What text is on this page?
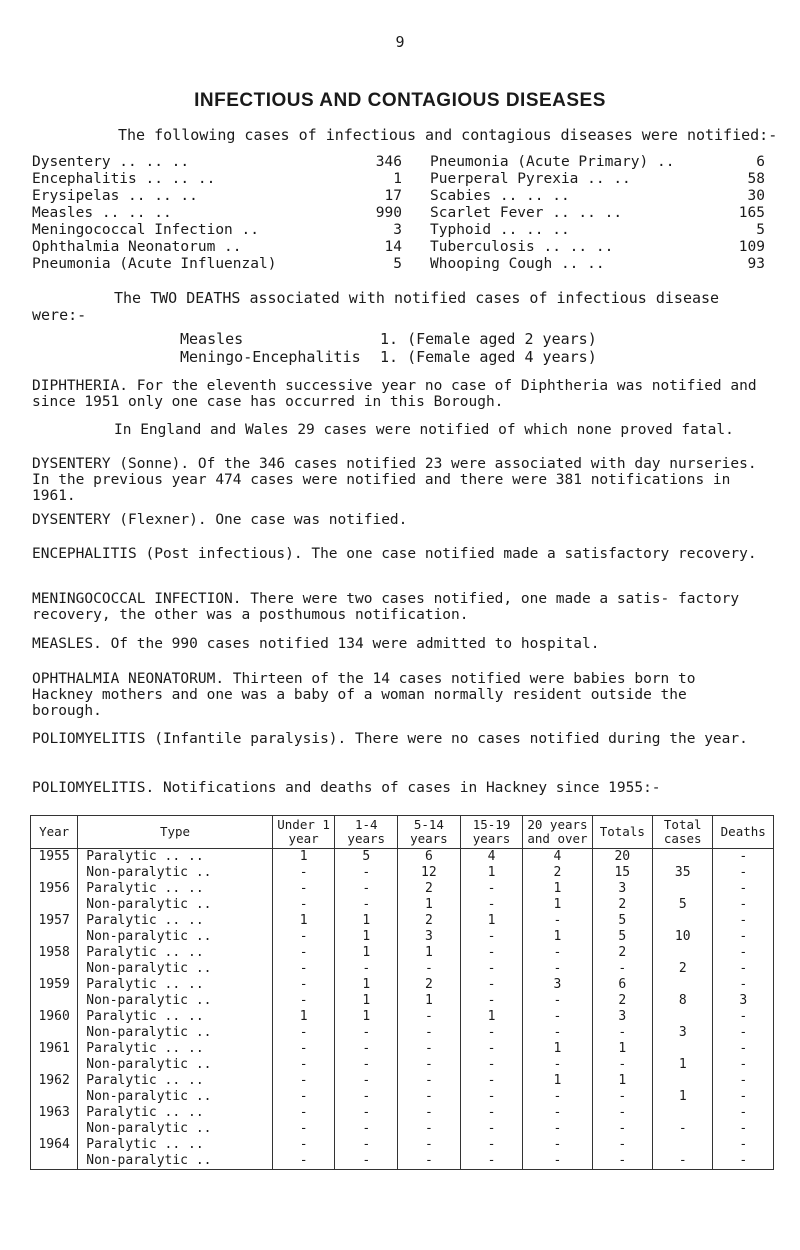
9
INFECTIOUS AND CONTAGIOUS DISEASES
The following cases of infectious and contagious diseases were notified:-
Dysentery .. .. ..	346
Encephalitis .. .. ..	1
Erysipelas .. .. ..	17
Measles .. .. ..	990
Meningococcal Infection ..	3
Ophthalmia Neonatorum ..	14
Pneumonia (Acute Influenzal)	5
Pneumonia (Acute Primary) ..	6
Puerperal Pyrexia .. ..	58
Scabies .. .. ..	30
Scarlet Fever .. .. ..	165
Typhoid .. .. ..	5
Tuberculosis .. .. ..	109
Whooping Cough .. ..	93
The TWO DEATHS associated with notified cases of infectious disease were:-
Measles	1. (Female aged 2 years)
Meningo-Encephalitis	1. (Female aged 4 years)
DIPHTHERIA. For the eleventh successive year no case of Diphtheria was notified and since 1951 only one case has occurred in this Borough.
In England and Wales 29 cases were notified of which none proved fatal.
DYSENTERY (Sonne). Of the 346 cases notified 23 were associated with day nurseries. In the previous year 474 cases were notified and there were 381 notifications in 1961.
DYSENTERY (Flexner). One case was notified.
ENCEPHALITIS (Post infectious). The one case notified made a satisfactory recovery.
MENINGOCOCCAL INFECTION. There were two cases notified, one made a satis- factory recovery, the other was a posthumous notification.
MEASLES. Of the 990 cases notified 134 were admitted to hospital.
OPHTHALMIA NEONATORUM. Thirteen of the 14 cases notified were babies born to Hackney mothers and one was a baby of a woman normally resident outside the borough.
POLIOMYELITIS (Infantile paralysis). There were no cases notified during the year.
POLIOMYELITIS. Notifications and deaths of cases in Hackney since 1955:-
Year	Type	Under 1 year	1-4 years	5-14 years	15-19 years	20 years and over	Totals	Total cases	Deaths
1955	Paralytic .. ..	1	5	6	4	4	20		-
	Non-paralytic ..	-	-	12	1	2	15	35	-
1956	Paralytic .. ..	-	-	2	-	1	3		-
	Non-paralytic ..	-	-	1	-	1	2	5	-
1957	Paralytic .. ..	1	1	2	1	-	5		-
	Non-paralytic ..	-	1	3	-	1	5	10	-
1958	Paralytic .. ..	-	1	1	-	-	2		-
	Non-paralytic ..	-	-	-	-	-	-	2	-
1959	Paralytic .. ..	-	1	2	-	3	6		-
	Non-paralytic ..	-	1	1	-	-	2	8	3
1960	Paralytic .. ..	1	1	-	1	-	3		-
	Non-paralytic ..	-	-	-	-	-	-	3	-
1961	Paralytic .. ..	-	-	-	-	1	1		-
	Non-paralytic ..	-	-	-	-	-	-	1	-
1962	Paralytic .. ..	-	-	-	-	1	1		-
	Non-paralytic ..	-	-	-	-	-	-	1	-
1963	Paralytic .. ..	-	-	-	-	-	-		-
	Non-paralytic ..	-	-	-	-	-	-	-	-
1964	Paralytic .. ..	-	-	-	-	-	-		-
	Non-paralytic ..	-	-	-	-	-	-	-	-
